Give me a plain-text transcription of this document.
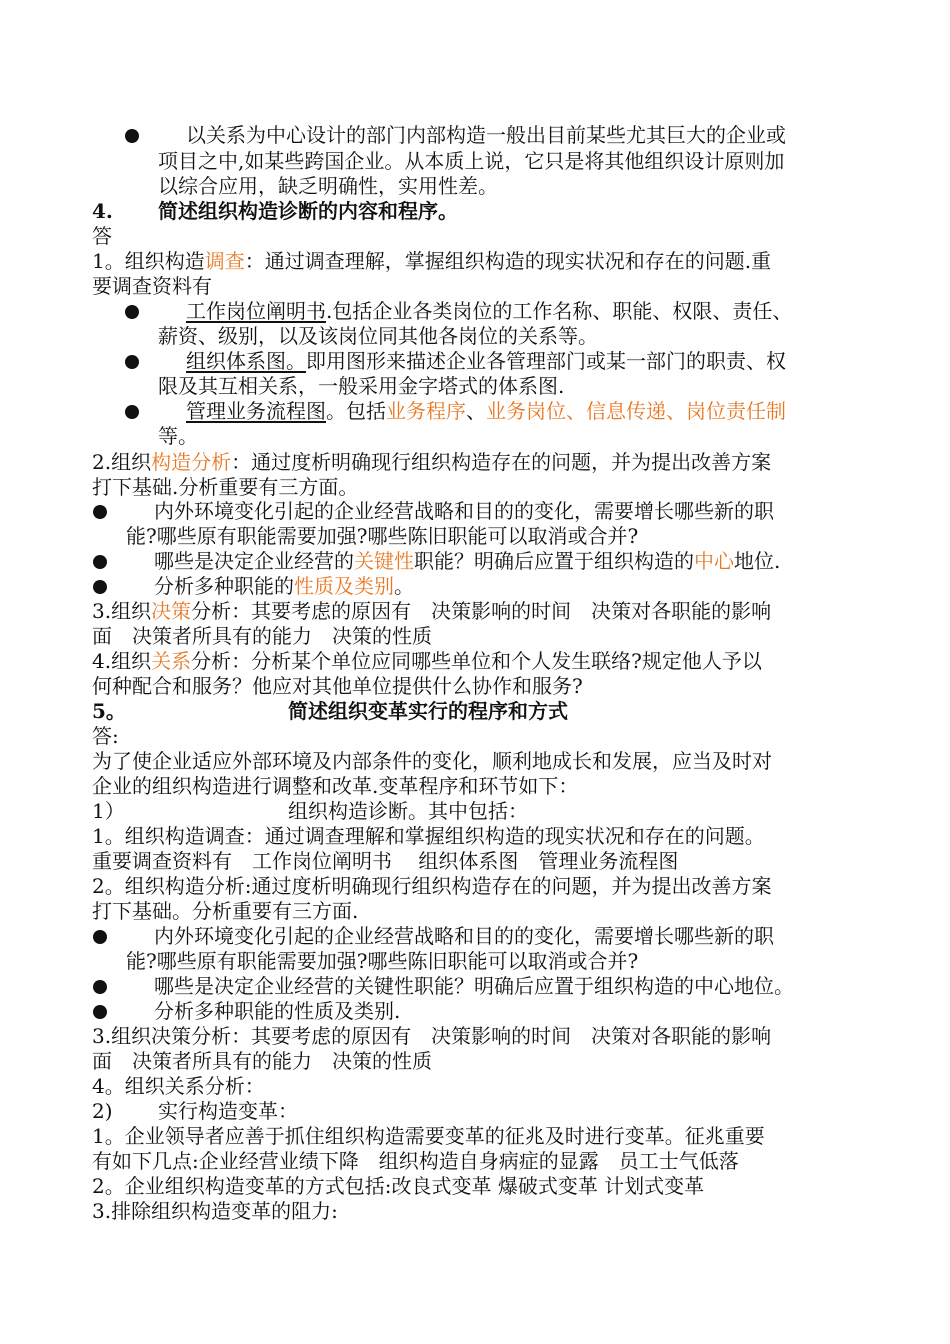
以关系为中心设计的部门内部构造一般出目前某些尤其巨大的企业或
项目之中,如某些跨国企业。从本质上说，它只是将其他组织设计原则加
以综合应用，缺乏明确性，实用性差。
4. 简述组织构造诊断的内容和程序。
答
1。组织构造调查：通过调查理解，掌握组织构造的现实状况和存在的问题.重
要调查资料有
工作岗位阐明书.包括企业各类岗位的工作名称、职能、权限、责任、
薪资、级别，以及该岗位同其他各岗位的关系等。
组织体系图。即用图形来描述企业各管理部门或某一部门的职责、权
限及其互相关系，一般采用金字塔式的体系图.
管理业务流程图。包括业务程序、业务岗位、信息传递、岗位责任制
等。
2.组织构造分析：通过度析明确现行组织构造存在的问题，并为提出改善方案
打下基础.分析重要有三方面。
内外环境变化引起的企业经营战略和目的的变化，需要增长哪些新的职
能?哪些原有职能需要加强?哪些陈旧职能可以取消或合并?
哪些是决定企业经营的关键性职能？明确后应置于组织构造的中心地位.
分析多种职能的性质及类别。
3.组织决策分析：其要考虑的原因有　决策影响的时间　决策对各职能的影响
面　决策者所具有的能力　决策的性质
4.组织关系分析：分析某个单位应同哪些单位和个人发生联络?规定他人予以
何种配合和服务？他应对其他单位提供什么协作和服务?
5。	简述组织变革实行的程序和方式
答:
为了使企业适应外部环境及内部条件的变化，顺利地成长和发展，应当及时对
企业的组织构造进行调整和改革.变革程序和环节如下：
1）	组织构造诊断。其中包括：
1。组织构造调查：通过调查理解和掌握组织构造的现实状况和存在的问题。
重要调查资料有　工作岗位阐明书　 组织体系图　管理业务流程图
2。组织构造分析:通过度析明确现行组织构造存在的问题，并为提出改善方案
打下基础。分析重要有三方面.
内外环境变化引起的企业经营战略和目的的变化，需要增长哪些新的职
能?哪些原有职能需要加强?哪些陈旧职能可以取消或合并?
哪些是决定企业经营的关键性职能？明确后应置于组织构造的中心地位。
分析多种职能的性质及类别.
3.组织决策分析：其要考虑的原因有　决策影响的时间　决策对各职能的影响
面　决策者所具有的能力　决策的性质
4。组织关系分析：
2) 实行构造变革：
1。企业领导者应善于抓住组织构造需要变革的征兆及时进行变革。征兆重要
有如下几点:企业经营业绩下降　组织构造自身病症的显露　员工士气低落
2。企业组织构造变革的方式包括:改良式变革 爆破式变革 计划式变革
3.排除组织构造变革的阻力:
